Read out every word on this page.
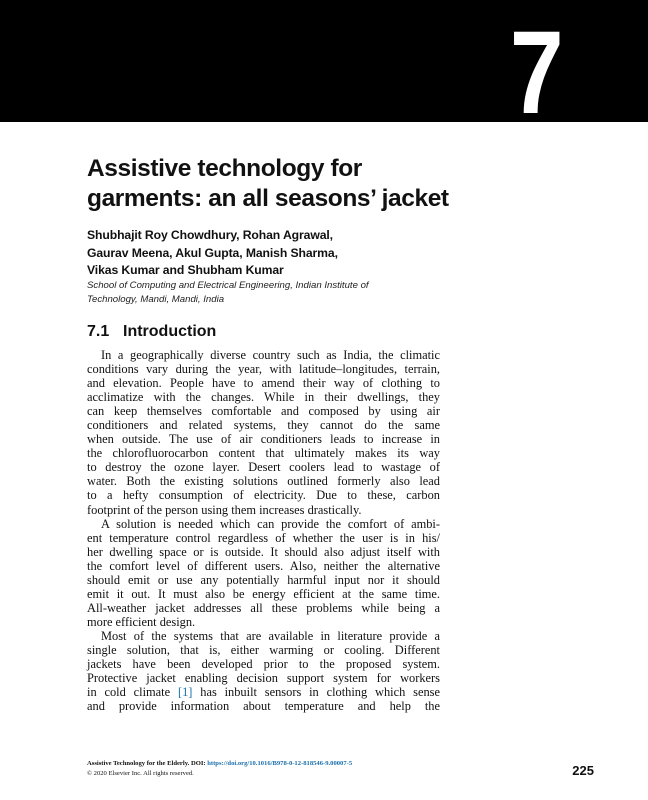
7
Assistive technology for
garments: an all seasons’ jacket
Shubhajit Roy Chowdhury, Rohan Agrawal,
Gaurav Meena, Akul Gupta, Manish Sharma,
Vikas Kumar and Shubham Kumar
School of Computing and Electrical Engineering, Indian Institute of
Technology, Mandi, Mandi, India
7.1 Introduction
In a geographically diverse country such as India, the climatic
conditions vary during the year, with latitude–longitudes, terrain,
and elevation. People have to amend their way of clothing to
acclimatize with the changes. While in their dwellings, they
can keep themselves comfortable and composed by using air
conditioners and related systems, they cannot do the same
when outside. The use of air conditioners leads to increase in
the chlorofluorocarbon content that ultimately makes its way
to destroy the ozone layer. Desert coolers lead to wastage of
water. Both the existing solutions outlined formerly also lead
to a hefty consumption of electricity. Due to these, carbon
footprint of the person using them increases drastically.
A solution is needed which can provide the comfort of ambi-
ent temperature control regardless of whether the user is in his/
her dwelling space or is outside. It should also adjust itself with
the comfort level of different users. Also, neither the alternative
should emit or use any potentially harmful input nor it should
emit it out. It must also be energy efficient at the same time.
All-weather jacket addresses all these problems while being a
more efficient design.
Most of the systems that are available in literature provide a
single solution, that is, either warming or cooling. Different
jackets have been developed prior to the proposed system.
Protective jacket enabling decision support system for workers
in cold climate [1] has inbuilt sensors in clothing which sense
and provide information about temperature and help the
Assistive Technology for the Elderly. DOI: https://doi.org/10.1016/B978-0-12-818546-9.00007-5
© 2020 Elsevier Inc. All rights reserved.	225
